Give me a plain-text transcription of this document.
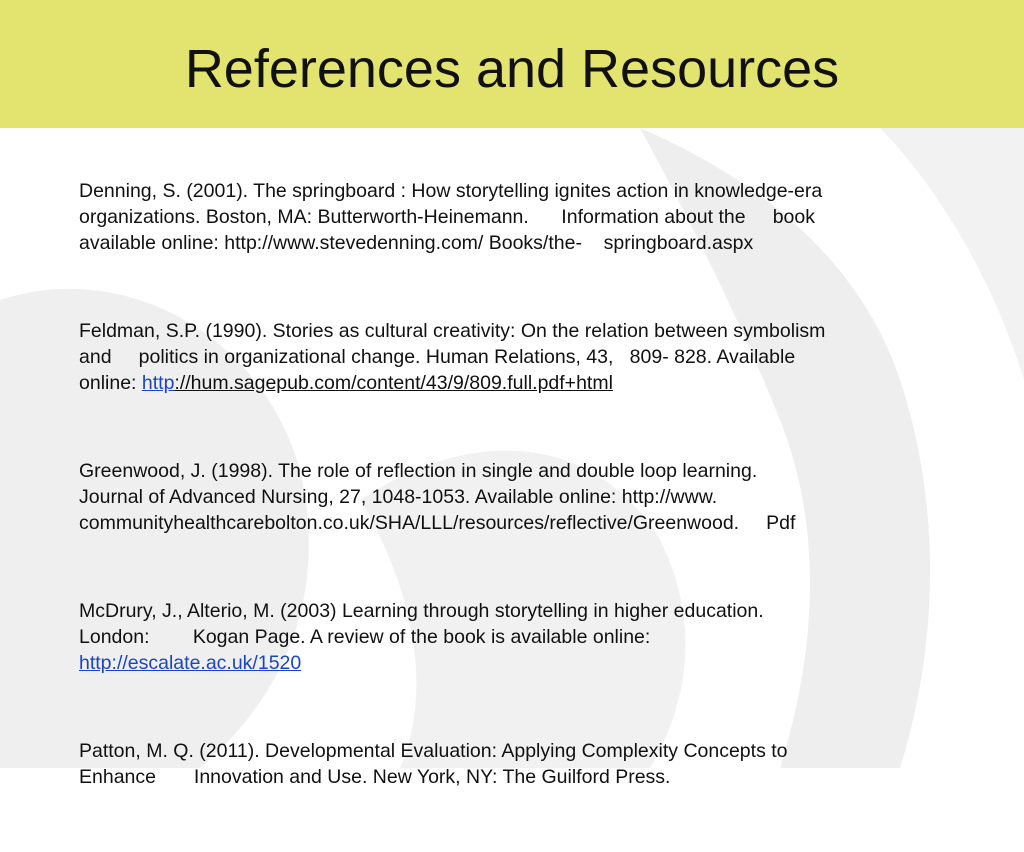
References and Resources
Denning, S. (2001). The springboard : How storytelling ignites action in knowledge-era
organizations. Boston, MA: Butterworth-Heinemann.      Information about the     book
available online: http://www.stevedenning.com/ Books/the-    springboard.aspx
Feldman, S.P. (1990). Stories as cultural creativity: On the relation between symbolism
and     politics in organizational change. Human Relations, 43,   809- 828. Available
online: http://hum.sagepub.com/content/43/9/809.full.pdf+html
Greenwood, J. (1998). The role of reflection in single and double loop learning.
Journal of Advanced Nursing, 27, 1048-1053. Available online: http://www.
communityhealthcarebolton.co.uk/SHA/LLL/resources/reflective/Greenwood.     Pdf
McDrury, J., Alterio, M. (2003) Learning through storytelling in higher education.
London:        Kogan Page. A review of the book is available online:
http://escalate.ac.uk/1520
Patton, M. Q. (2011). Developmental Evaluation: Applying Complexity Concepts to
Enhance       Innovation and Use. New York, NY: The Guilford Press.
